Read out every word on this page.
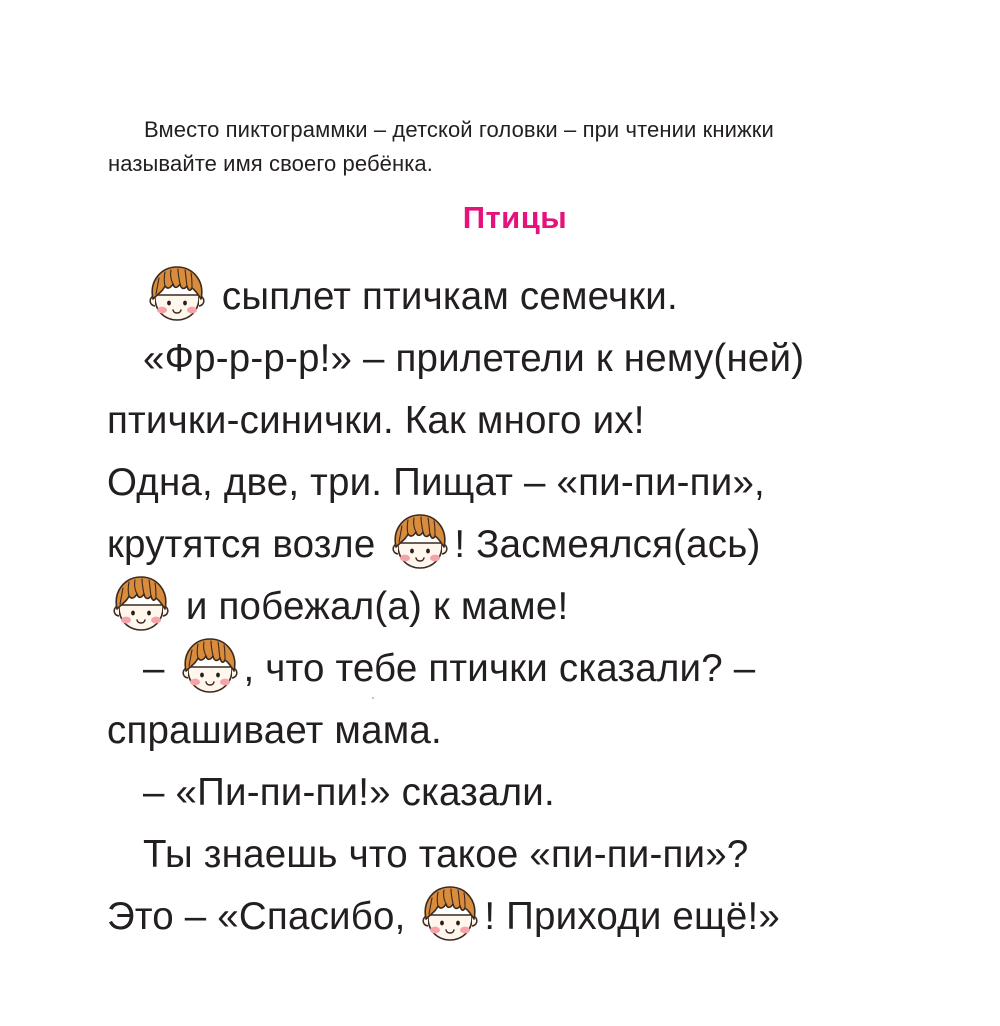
Вместо пиктограммки – детской головки – при чтении книжки
называйте имя своего ребёнка.
Птицы
сыплет птичкам семечки.
«Фр-р-р-р!» – прилетели к нему(ней)
птички-синички. Как много их!
Одна, две, три. Пищат – «пи-пи-пи»,
крутятся возле
! Засмеялся(ась)
и побежал(а) к маме!
–
, что тебе птички сказали? –
спрашивает мама.
– «Пи-пи-пи!» сказали.
Ты знаешь что такое «пи-пи-пи»?
Это – «Спасибо,
! Приходи ещё!»
